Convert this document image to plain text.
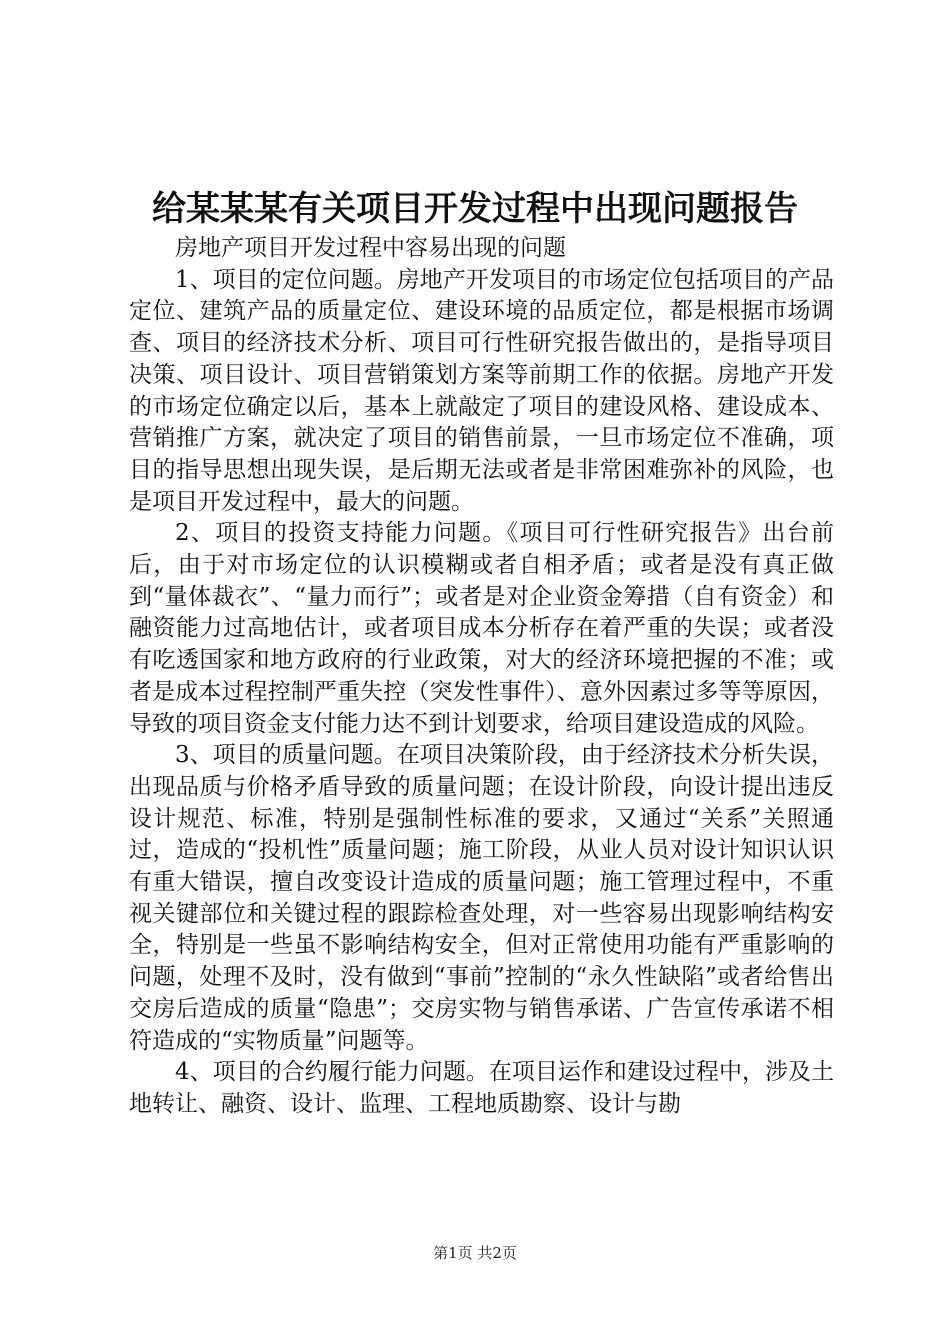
给某某某有关项目开发过程中出现问题报告

房地产项目开发过程中容易出现的问题

1、项目的定位问题。房地产开发项目的市场定位包括项目的产品定位、建筑产品的质量定位、建设环境的品质定位，都是根据市场调查、项目的经济技术分析、项目可行性研究报告做出的，是指导项目决策、项目设计、项目营销策划方案等前期工作的依据。房地产开发的市场定位确定以后，基本上就敲定了项目的建设风格、建设成本、营销推广方案，就决定了项目的销售前景，一旦市场定位不准确，项目的指导思想出现失误，是后期无法或者是非常困难弥补的风险，也是项目开发过程中，最大的问题。

2、项目的投资支持能力问题。《项目可行性研究报告》出台前后，由于对市场定位的认识模糊或者自相矛盾；或者是没有真正做到“量体裁衣”、“量力而行”；或者是对企业资金筹措（自有资金）和融资能力过高地估计，或者项目成本分析存在着严重的失误；或者没有吃透国家和地方政府的行业政策，对大的经济环境把握的不准；或者是成本过程控制严重失控（突发性事件）、意外因素过多等等原因，导致的项目资金支付能力达不到计划要求，给项目建设造成的风险。

3、项目的质量问题。在项目决策阶段，由于经济技术分析失误，出现品质与价格矛盾导致的质量问题；在设计阶段，向设计提出违反设计规范、标准，特别是强制性标准的要求，又通过“关系”关照通过，造成的“投机性”质量问题；施工阶段，从业人员对设计知识认识有重大错误，擅自改变设计造成的质量问题；施工管理过程中，不重视关键部位和关键过程的跟踪检查处理，对一些容易出现影响结构安全，特别是一些虽不影响结构安全，但对正常使用功能有严重影响的问题，处理不及时，没有做到“事前”控制的“永久性缺陷”或者给售出交房后造成的质量“隐患”；交房实物与销售承诺、广告宣传承诺不相符造成的“实物质量”问题等。

4、项目的合约履行能力问题。在项目运作和建设过程中，涉及土地转让、融资、设计、监理、工程地质勘察、设计与勘

第1页 共2页
